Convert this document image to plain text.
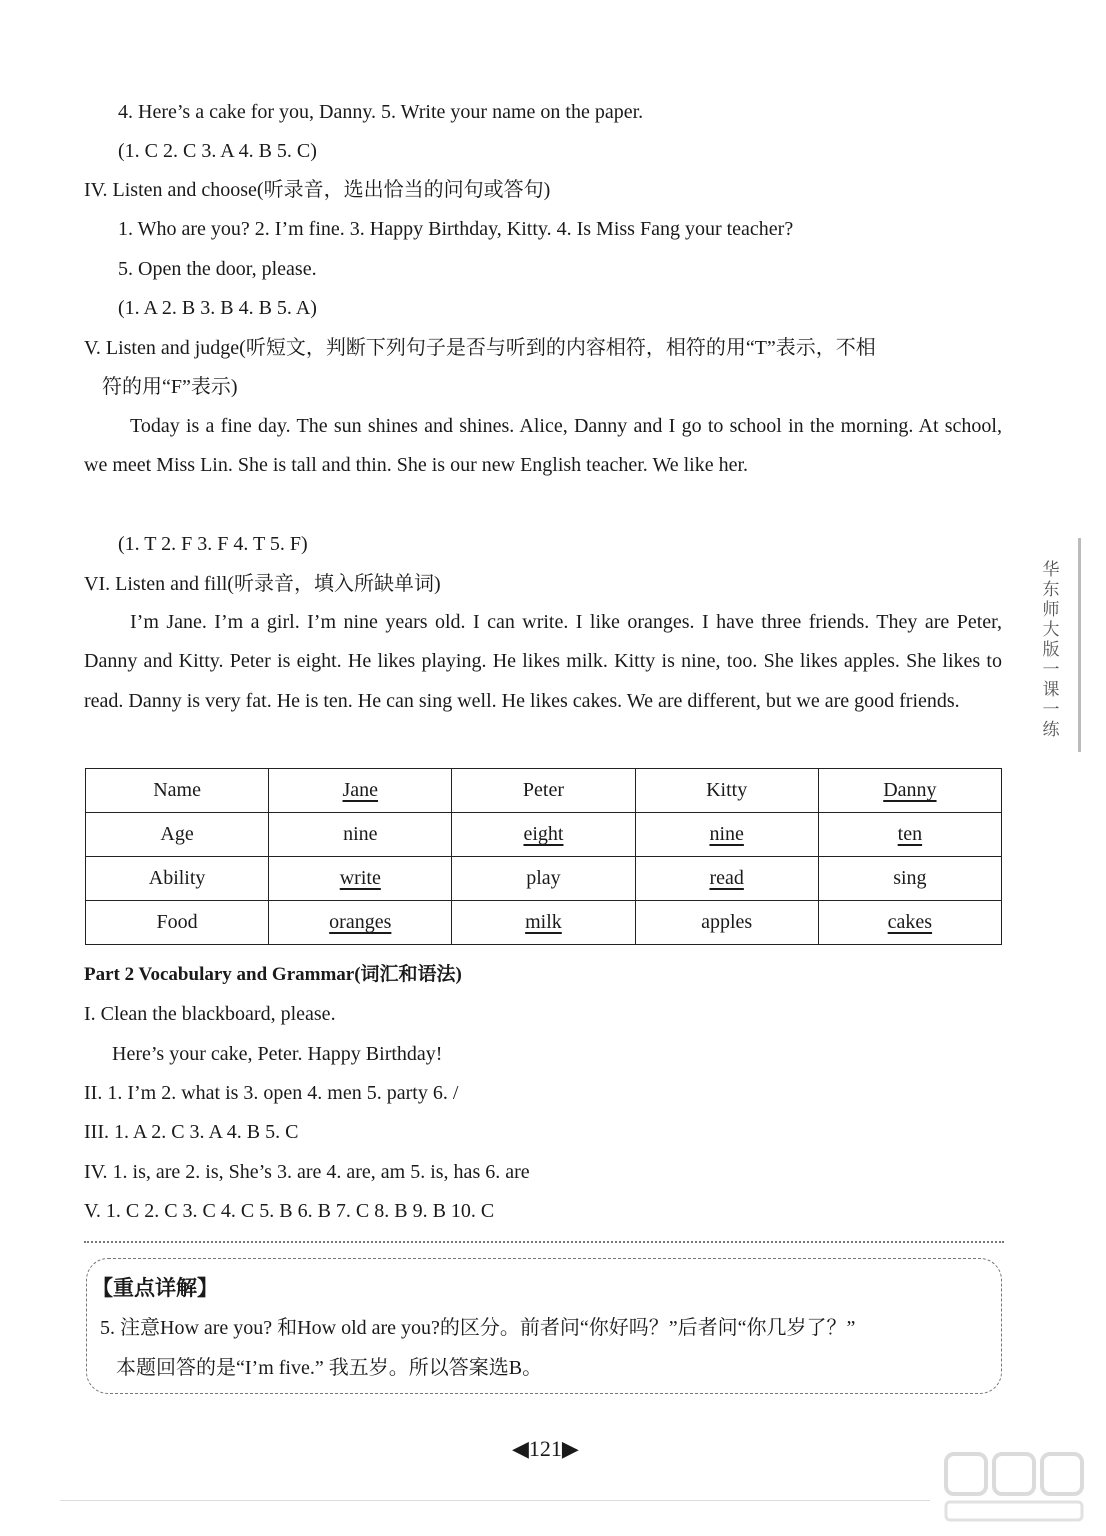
4. Here’s a cake for you, Danny. 5. Write your name on the paper.
(1. C 2. C 3. A 4. B 5. C)
IV. Listen and choose(听录音，选出恰当的问句或答句)
1. Who are you? 2. I’m fine. 3. Happy Birthday, Kitty. 4. Is Miss Fang your teacher?
5. Open the door, please.
(1. A 2. B 3. B 4. B 5. A)
V. Listen and judge(听短文，判断下列句子是否与听到的内容相符，相符的用“T”表示，不相
符的用“F”表示)
Today is a fine day. The sun shines and shines. Alice, Danny and I go to school in the morning. At school, we meet Miss Lin. She is tall and thin. She is our new English teacher. We like her.
(1. T 2. F 3. F 4. T 5. F)
VI. Listen and fill(听录音，填入所缺单词)
I’m Jane. I’m a girl. I’m nine years old. I can write. I like oranges. I have three friends. They are Peter, Danny and Kitty. Peter is eight. He likes playing. He likes milk. Kitty is nine, too. She likes apples. She likes to read. Danny is very fat. He is ten. He can sing well. He likes cakes. We are different, but we are good friends.
Name	Jane	Peter	Kitty	Danny
Age	nine	eight	nine	ten
Ability	write	play	read	sing
Food	oranges	milk	apples	cakes
Part 2 Vocabulary and Grammar(词汇和语法)
I. Clean the blackboard, please.
Here’s your cake, Peter. Happy Birthday!
II. 1. I’m 2. what is 3. open 4. men 5. party 6. /
III. 1. A 2. C 3. A 4. B 5. C
IV. 1. is, are 2. is, She’s 3. are 4. are, am 5. is, has 6. are
V. 1. C 2. C 3. C 4. C 5. B 6. B 7. C 8. B 9. B 10. C
【重点详解】
5. 注意How are you? 和How old are you?的区分。前者问“你好吗？”后者问“你几岁了？”
本题回答的是“I’m five.” 我五岁。所以答案选B。
◀121▶
华东师大版一课一练
